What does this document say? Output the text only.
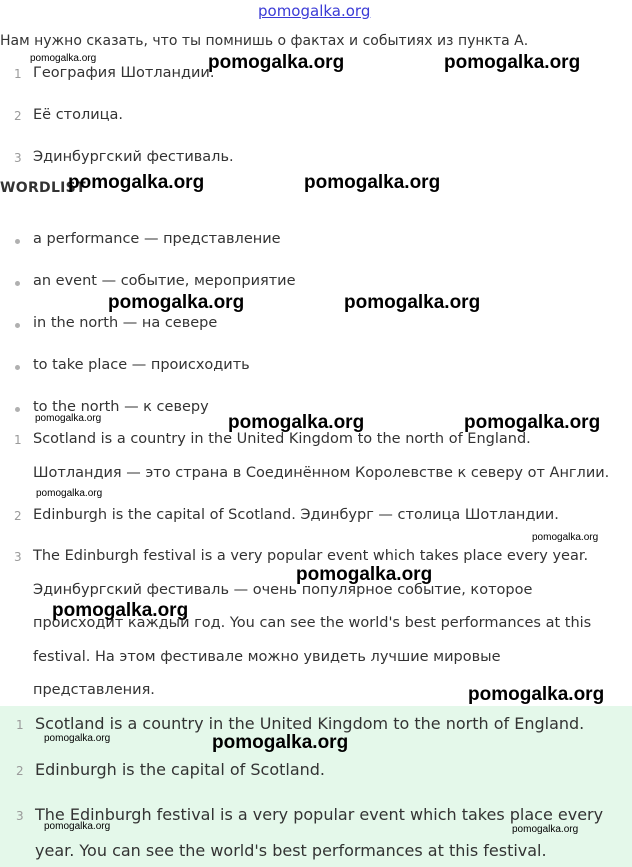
pomogalka.org
Нам нужно сказать, что ты помнишь о фактах и событиях из пункта А.
1 География Шотландии.
2 Её столица.
3 Эдинбургский фестиваль.
WORDLIST
a performance — представление
an event — событие, мероприятие
in the north — на севере
to take place — происходить
to the north — к северу
1 Scotland is a country in the United Kingdom to the north of England.
Шотландия — это страна в Соединённом Королевстве к северу от Англии.
2 Edinburgh is the capital of Scotland. Эдинбург — столица Шотландии.
3 The Edinburgh festival is a very popular event which takes place every year.
Эдинбургский фестиваль — очень популярное событие, которое
происходит каждый год. You can see the world's best performances at this
festival. На этом фестивале можно увидеть лучшие мировые
представления.
1 Scotland is a country in the United Kingdom to the north of England.
2 Edinburgh is the capital of Scotland.
3 The Edinburgh festival is a very popular event which takes place every
year. You can see the world's best performances at this festival.
pomogalka.org	pomogalka.org	pomogalka.org
pomogalka.org	pomogalka.org
pomogalka.org	pomogalka.org
pomogalka.org	pomogalka.org	pomogalka.org
pomogalka.org
pomogalka.org
pomogalka.org
pomogalka.org
pomogalka.org
pomogalka.org	pomogalka.org
pomogalka.org	pomogalka.org
